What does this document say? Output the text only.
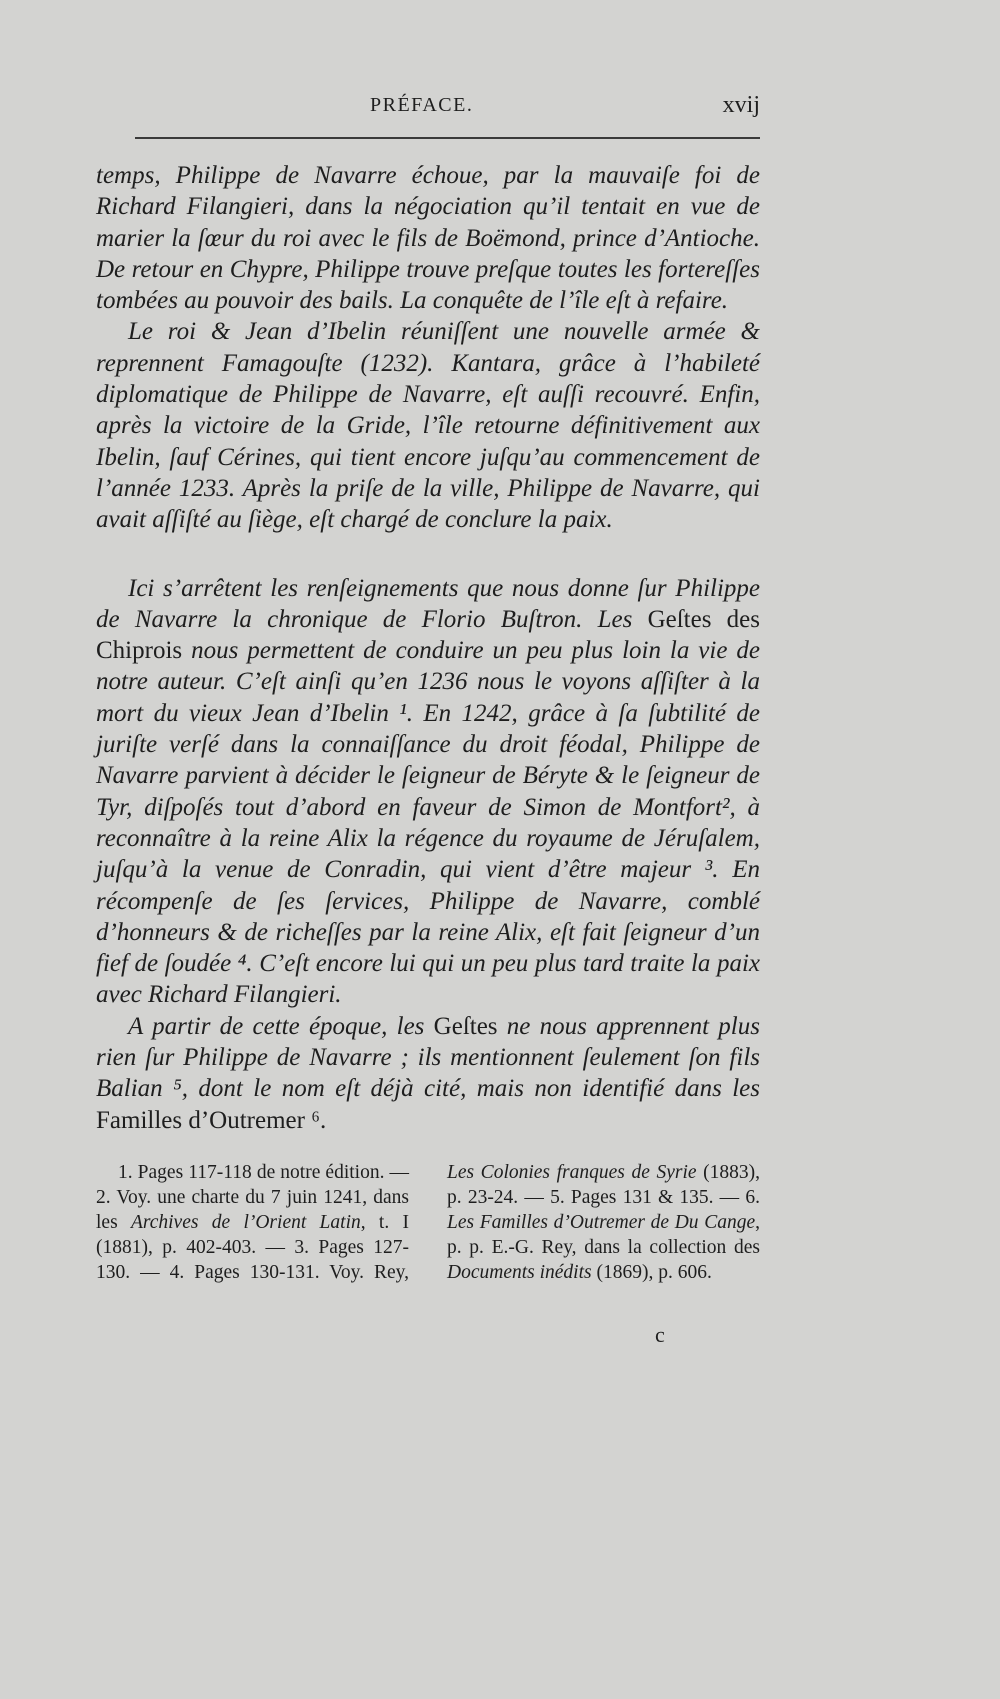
PRÉFACE.	xvij

temps, Philippe de Navarre échoue, par la mauvaiſe foi de Richard Filangieri, dans la négociation qu’il tentait en vue de marier la ſœur du roi avec le fils de Boëmond, prince d’Antioche. De retour en Chypre, Philippe trouve preſque toutes les fortereſſes tombées au pouvoir des bails. La conquête de l’île eſt à refaire.

Le roi & Jean d’Ibelin réuniſſent une nouvelle armée & reprennent Famagouſte (1232). Kantara, grâce à l’habileté diplomatique de Philippe de Navarre, eſt auſſi recouvré. Enfin, après la victoire de la Gride, l’île retourne définitivement aux Ibelin, ſauf Cérines, qui tient encore juſqu’au commencement de l’année 1233. Après la priſe de la ville, Philippe de Navarre, qui avait aſſiſté au ſiège, eſt chargé de conclure la paix.

Ici s’arrêtent les renſeignements que nous donne ſur Philippe de Navarre la chronique de Florio Buſtron. Les Geſtes des Chiprois nous permettent de conduire un peu plus loin la vie de notre auteur. C’eſt ainſi qu’en 1236 nous le voyons aſſiſter à la mort du vieux Jean d’Ibelin ¹. En 1242, grâce à ſa ſubtilité de juriſte verſé dans la connaiſſance du droit féodal, Philippe de Navarre parvient à décider le ſeigneur de Béryte & le ſeigneur de Tyr, diſpoſés tout d’abord en faveur de Simon de Montfort², à reconnaître à la reine Alix la régence du royaume de Jéruſalem, juſqu’à la venue de Conradin, qui vient d’être majeur ³. En récompenſe de ſes ſervices, Philippe de Navarre, comblé d’honneurs & de richeſſes par la reine Alix, eſt fait ſeigneur d’un fief de ſoudée ⁴. C’eſt encore lui qui un peu plus tard traite la paix avec Richard Filangieri.

A partir de cette époque, les Geſtes ne nous apprennent plus rien ſur Philippe de Navarre ; ils mentionnent ſeulement ſon fils Balian ⁵, dont le nom eſt déjà cité, mais non identifié dans les Familles d’Outremer ⁶.

1. Pages 117-118 de notre édition. — 2. Voy. une charte du 7 juin 1241, dans les Archives de l’Orient Latin, t. I (1881), p. 402-403. — 3. Pages 127-130. — 4. Pages 130-131. Voy. Rey, Les Colonies franques de Syrie (1883), p. 23-24. — 5. Pages 131 & 135. — 6. Les Familles d’Outremer de Du Cange, p. p. E.-G. Rey, dans la collection des Documents inédits (1869), p. 606.

c
